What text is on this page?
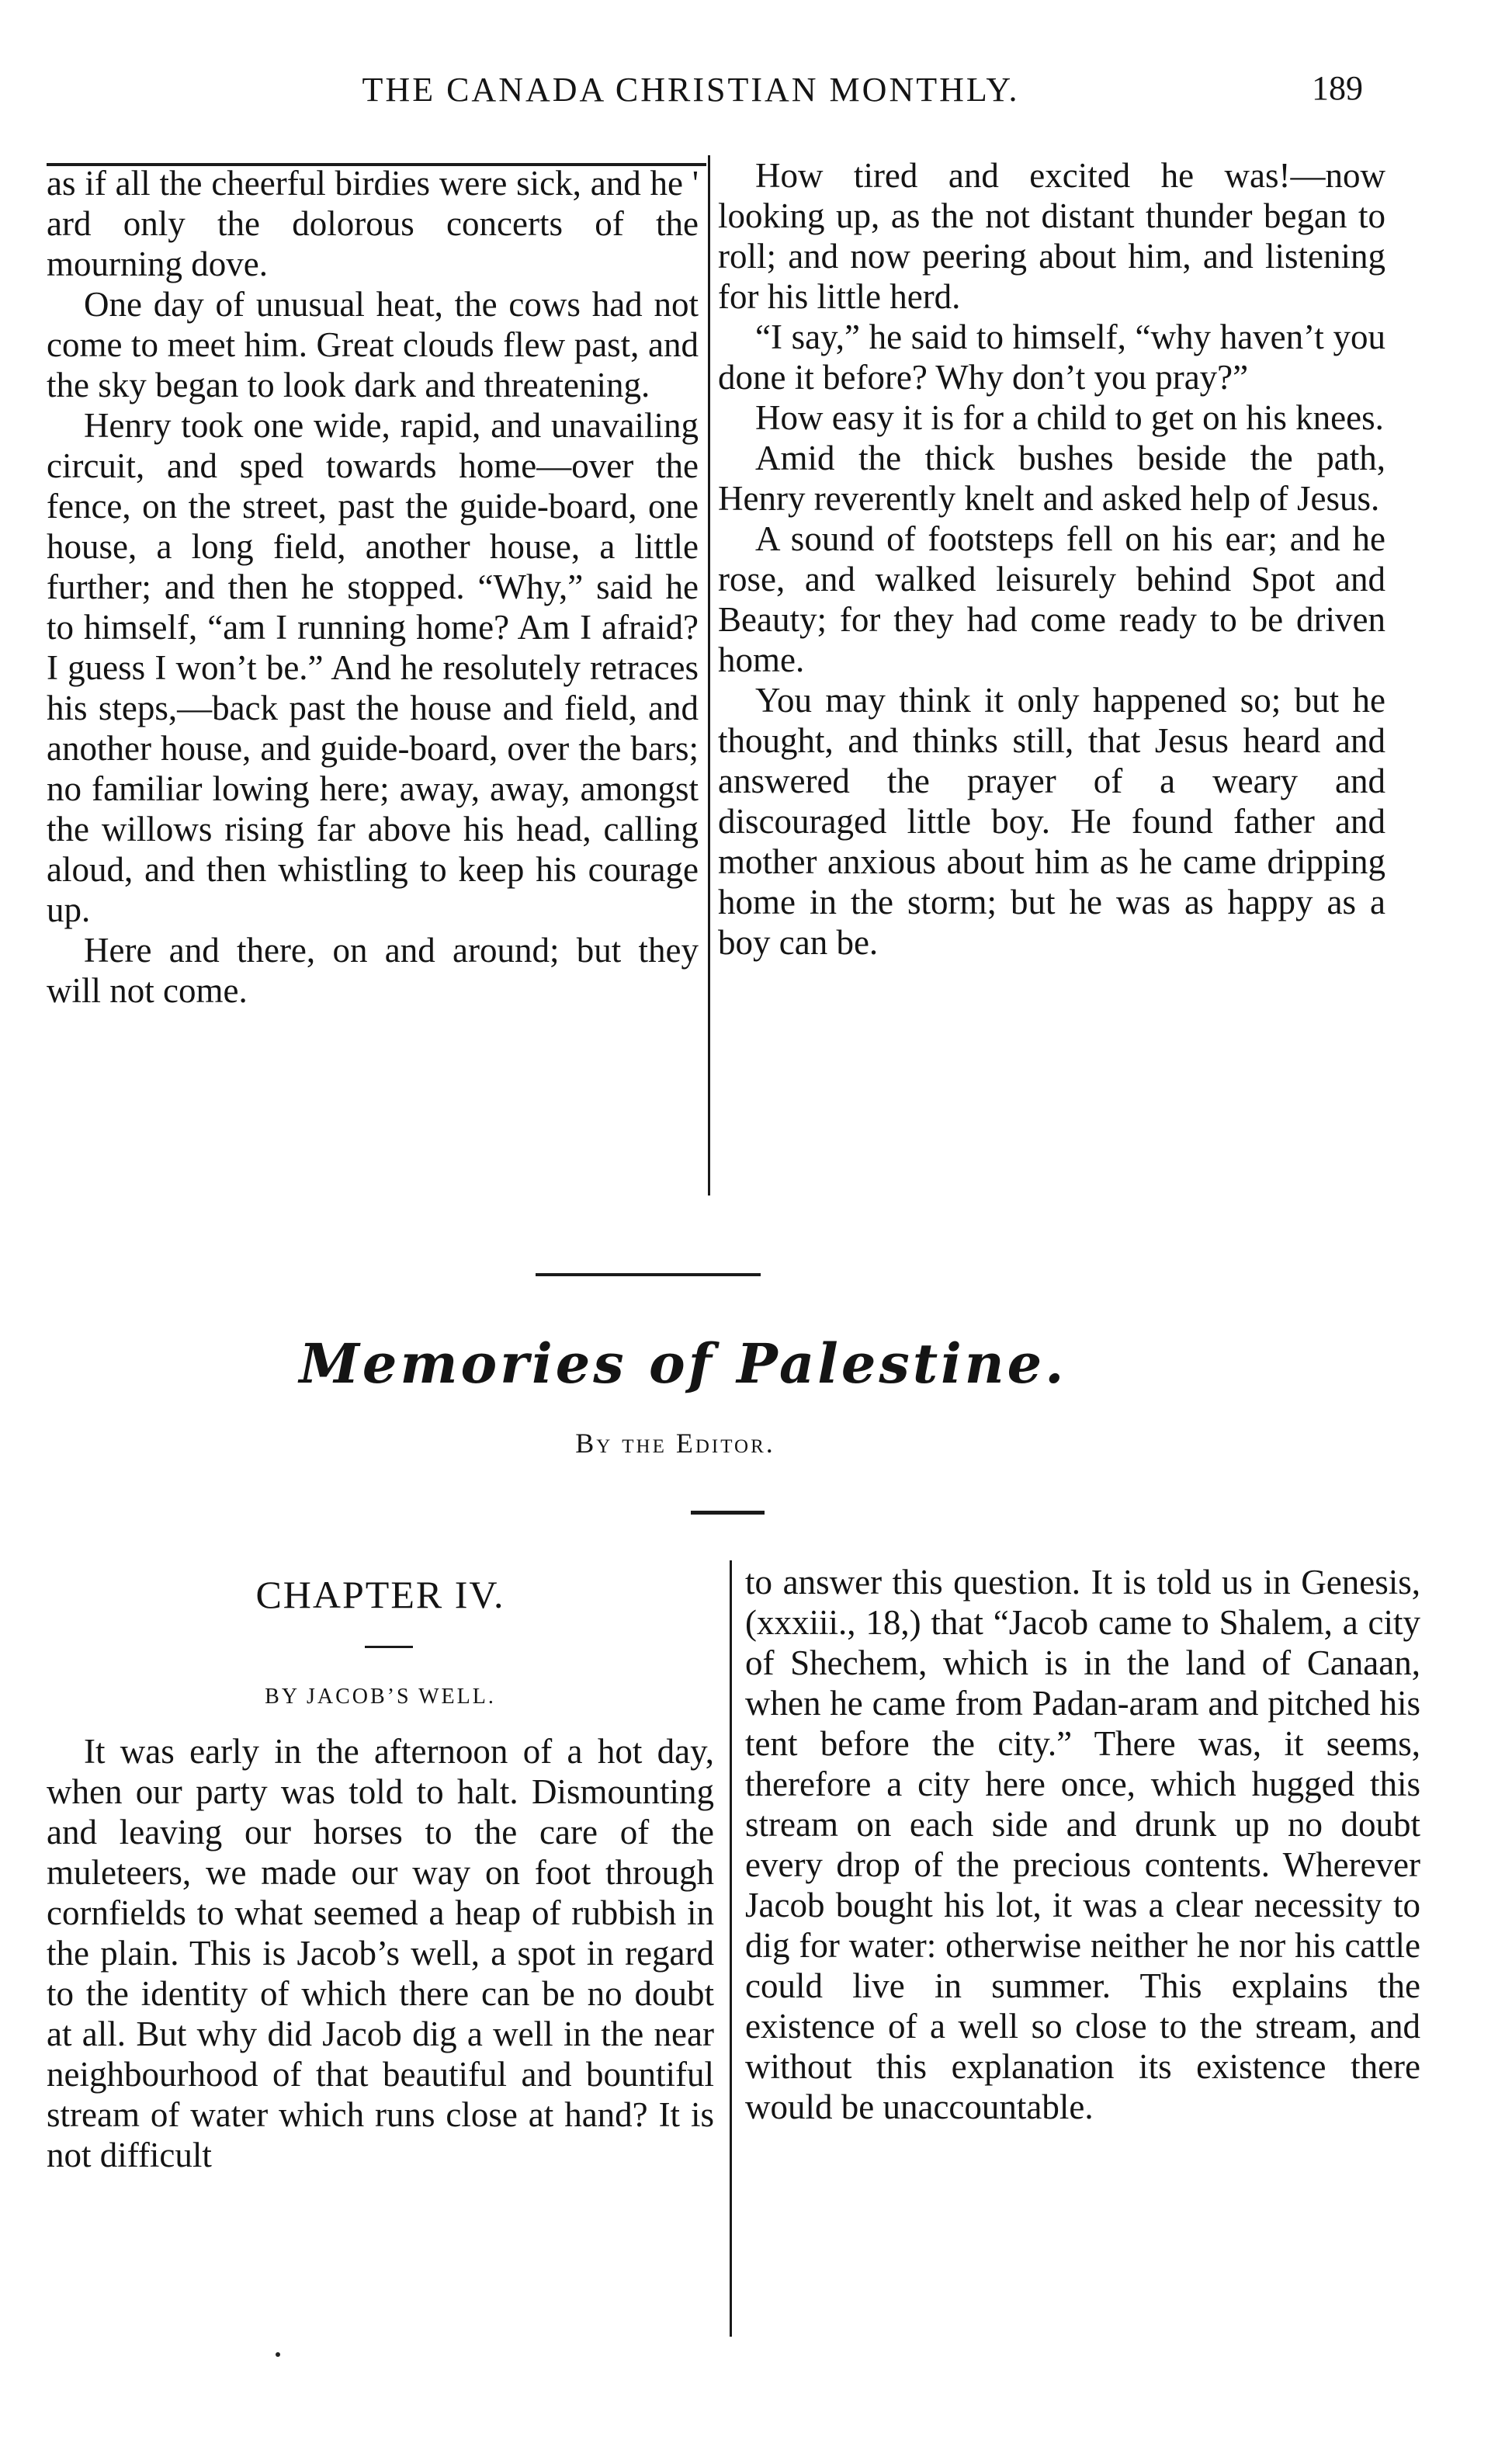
THE CANADA CHRISTIAN MONTHLY.	189

as if all the cheerful birdies were sick, and he ' ard only the dolorous concerts of the mourning dove.

One day of unusual heat, the cows had not come to meet him. Great clouds flew past, and the sky began to look dark and threatening.

Henry took one wide, rapid, and unavailing circuit, and sped towards home—over the fence, on the street, past the guide-board, one house, a long field, another house, a little further; and then he stopped. “Why,” said he to himself, “am I running home? Am I afraid? I guess I won’t be.” And he resolutely retraces his steps,—back past the house and field, and another house, and guide-board, over the bars; no familiar lowing here; away, away, amongst the willows rising far above his head, calling aloud, and then whistling to keep his courage up.

Here and there, on and around; but they will not come.

How tired and excited he was!—now looking up, as the not distant thunder began to roll; and now peering about him, and listening for his little herd.

“I say,” he said to himself, “why haven’t you done it before? Why don’t you pray?”

How easy it is for a child to get on his knees.

Amid the thick bushes beside the path, Henry reverently knelt and asked help of Jesus.

A sound of footsteps fell on his ear; and he rose, and walked leisurely behind Spot and Beauty; for they had come ready to be driven home.

You may think it only happened so; but he thought, and thinks still, that Jesus heard and answered the prayer of a weary and discouraged little boy. He found father and mother anxious about him as he came dripping home in the storm; but he was as happy as a boy can be.

Memories of Palestine.
By the Editor.
CHAPTER IV.
BY JACOB’S WELL.

It was early in the afternoon of a hot day, when our party was told to halt. Dismounting and leaving our horses to the care of the muleteers, we made our way on foot through cornfields to what seemed a heap of rubbish in the plain. This is Jacob’s well, a spot in regard to the identity of which there can be no doubt at all. But why did Jacob dig a well in the near neighbourhood of that beautiful and bountiful stream of water which runs close at hand? It is not difficult

to answer this question. It is told us in Genesis, (xxxiii., 18,) that “Jacob came to Shalem, a city of Shechem, which is in the land of Canaan, when he came from Padan-aram and pitched his tent before the city.” There was, it seems, therefore a city here once, which hugged this stream on each side and drunk up no doubt every drop of the precious contents. Wherever Jacob bought his lot, it was a clear necessity to dig for water: otherwise neither he nor his cattle could live in summer. This explains the existence of a well so close to the stream, and without this explanation its existence there would be unaccountable.
